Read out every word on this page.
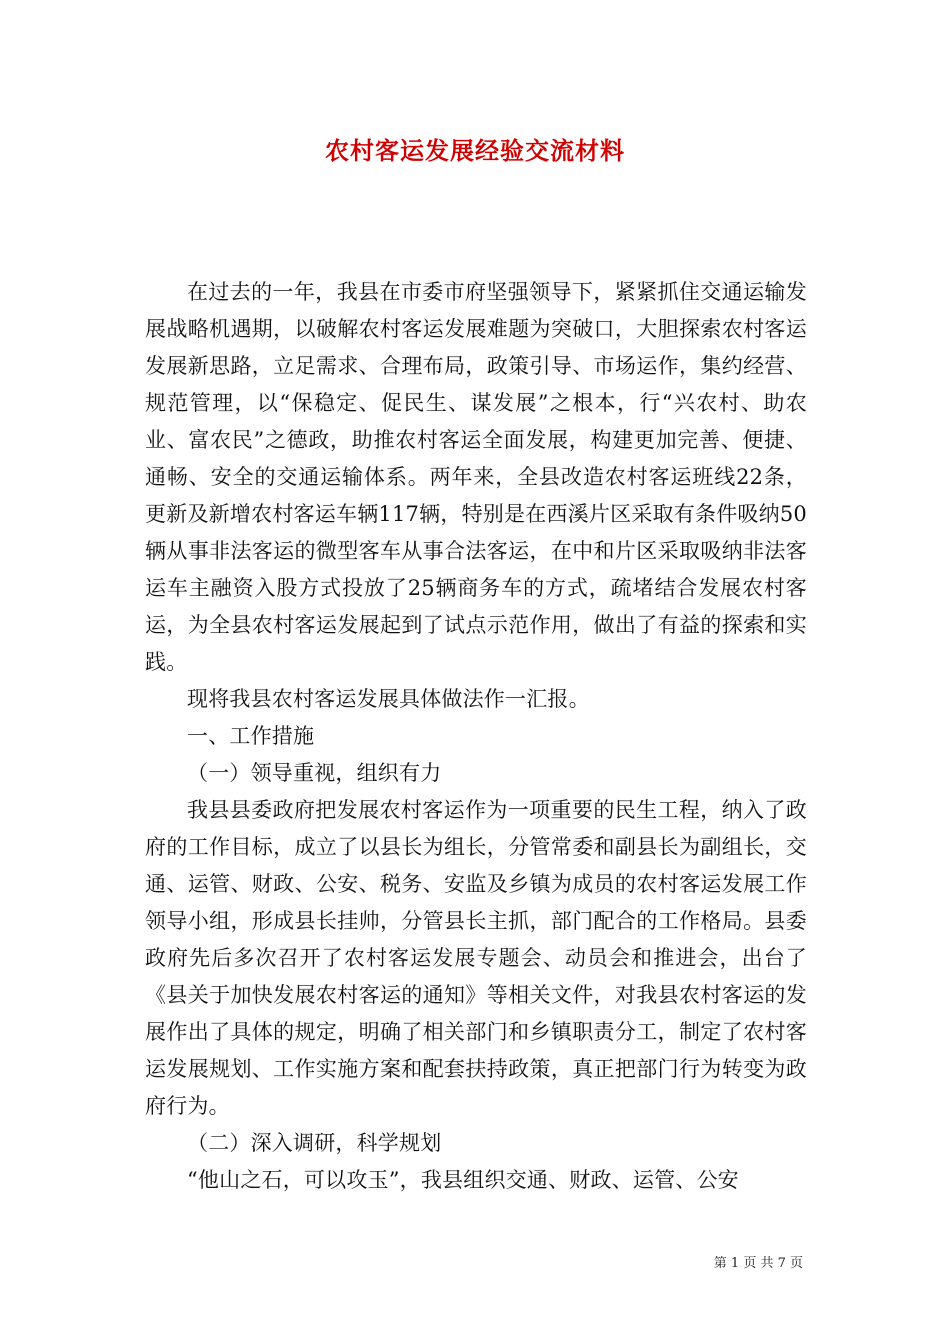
农村客运发展经验交流材料

在过去的一年，我县在市委市府坚强领导下，紧紧抓住交通运输发展战略机遇期，以破解农村客运发展难题为突破口，大胆探索农村客运发展新思路，立足需求、合理布局，政策引导、市场运作，集约经营、规范管理，以“保稳定、促民生、谋发展”之根本，行“兴农村、助农业、富农民”之德政，助推农村客运全面发展，构建更加完善、便捷、通畅、安全的交通运输体系。两年来，全县改造农村客运班线22条，更新及新增农村客运车辆117辆，特别是在西溪片区采取有条件吸纳50辆从事非法客运的微型客车从事合法客运，在中和片区采取吸纳非法客运车主融资入股方式投放了25辆商务车的方式，疏堵结合发展农村客运，为全县农村客运发展起到了试点示范作用，做出了有益的探索和实践。

现将我县农村客运发展具体做法作一汇报。

一、工作措施

（一）领导重视，组织有力

我县县委政府把发展农村客运作为一项重要的民生工程，纳入了政府的工作目标，成立了以县长为组长，分管常委和副县长为副组长，交通、运管、财政、公安、税务、安监及乡镇为成员的农村客运发展工作领导小组，形成县长挂帅，分管县长主抓，部门配合的工作格局。县委政府先后多次召开了农村客运发展专题会、动员会和推进会，出台了《县关于加快发展农村客运的通知》等相关文件，对我县农村客运的发展作出了具体的规定，明确了相关部门和乡镇职责分工，制定了农村客运发展规划、工作实施方案和配套扶持政策，真正把部门行为转变为政府行为。

（二）深入调研，科学规划

“他山之石，可以攻玉”，我县组织交通、财政、运管、公安

第 1 页 共 7 页
